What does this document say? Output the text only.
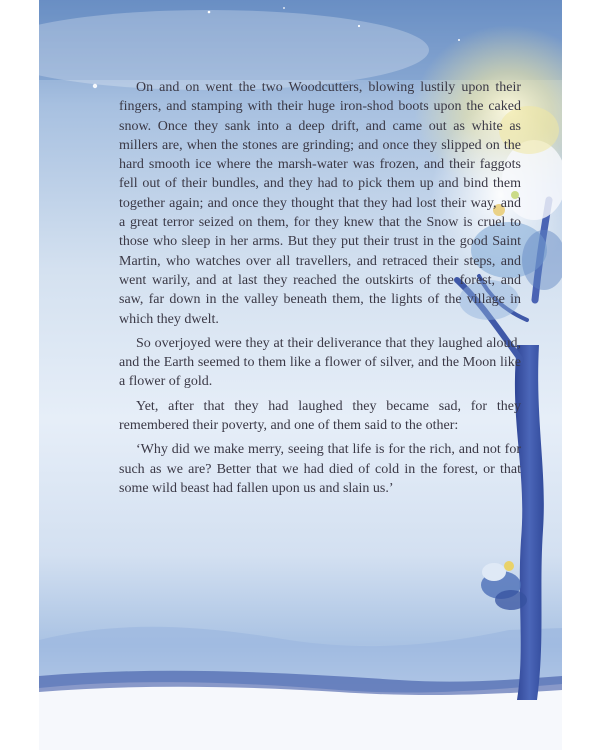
On and on went the two Woodcutters, blowing lustily upon their fingers, and stamping with their huge iron-shod boots upon the caked snow. Once they sank into a deep drift, and came out as white as millers are, when the stones are grinding; and once they slipped on the hard smooth ice where the marsh-water was frozen, and their faggots fell out of their bundles, and they had to pick them up and bind them together again; and once they thought that they had lost their way, and a great terror seized on them, for they knew that the Snow is cruel to those who sleep in her arms. But they put their trust in the good Saint Martin, who watches over all travellers, and retraced their steps, and went warily, and at last they reached the outskirts of the forest, and saw, far down in the valley beneath them, the lights of the village in which they dwelt.

So overjoyed were they at their deliverance that they laughed aloud, and the Earth seemed to them like a flower of silver, and the Moon like a flower of gold.

Yet, after that they had laughed they became sad, for they remembered their poverty, and one of them said to the other:

‘Why did we make merry, seeing that life is for the rich, and not for such as we are? Better that we had died of cold in the forest, or that some wild beast had fallen upon us and slain us.’
